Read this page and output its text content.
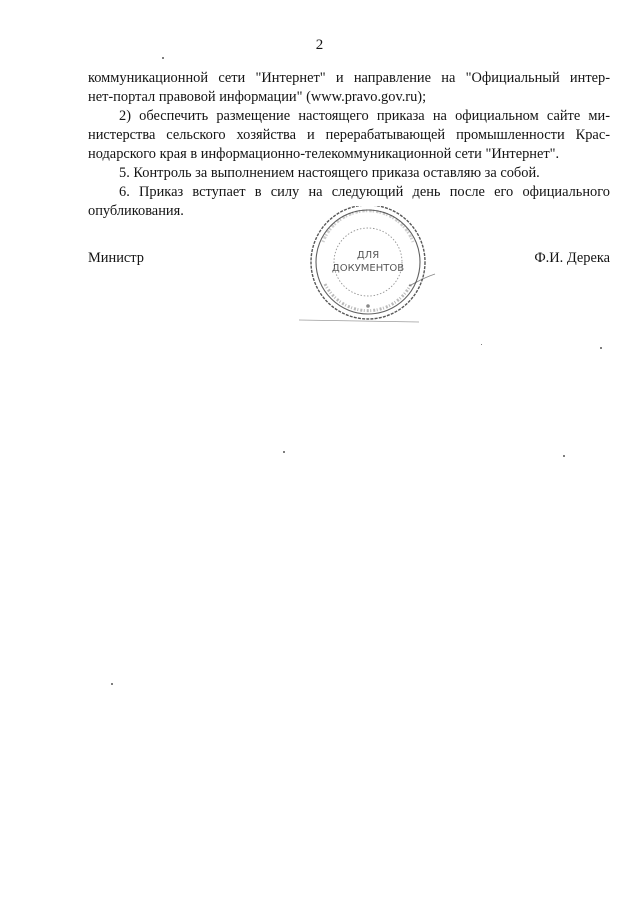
2

коммуникационной сети "Интернет" и направление на "Официальный интер-

нет-портал правовой информации" (www.pravo.gov.ru);

2) обеспечить размещение настоящего приказа на официальном сайте ми-

нистерства сельского хозяйства и перерабатывающей промышленности Крас-

нодарского края в информационно-телекоммуникационной сети "Интернет".

5. Контроль за выполнением настоящего приказа оставляю за собой.

6. Приказ вступает в силу на следующий день после его официального

опубликования.

Министр	Ф.И. Дерека
ДЛЯ
ДОКУМЕНТОВ
